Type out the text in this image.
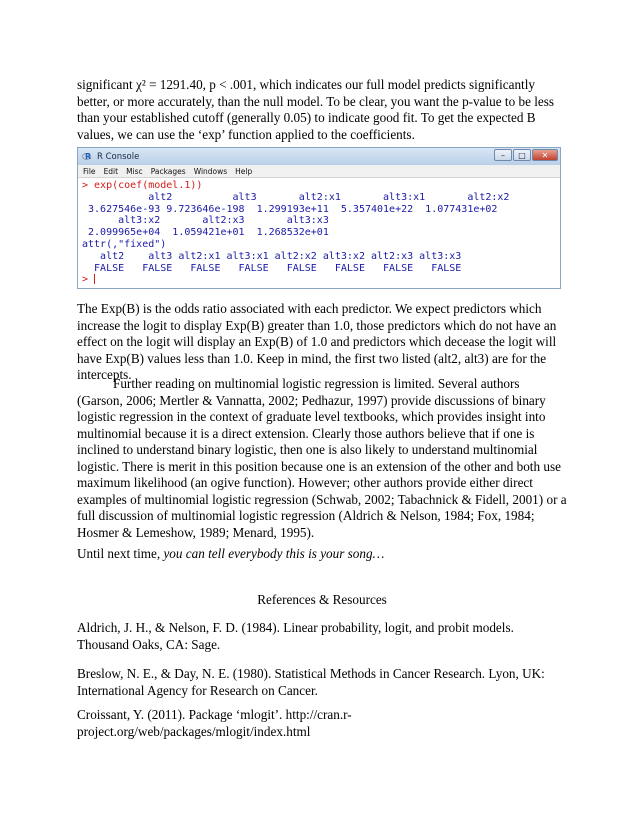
significant χ² = 1291.40, p < .001, which indicates our full model predicts significantly better, or more accurately, than the null model. To be clear, you want the p-value to be less than your established cutoff (generally 0.05) to indicate good fit. To get the expected B values, we can use the ‘exp’ function applied to the coefficients.

R R Console	–	□	✕
File Edit Misc Packages Windows Help
> exp(coef(model.1))
alt2          alt3       alt2:x1       alt3:x1       alt2:x2
3.627546e-93 9.723646e-198  1.299193e+11  5.357401e+22  1.077431e+02
alt3:x2       alt2:x3       alt3:x3
2.099965e+04  1.059421e+01  1.268532e+01
attr(,"fixed")
alt2    alt3 alt2:x1 alt3:x1 alt2:x2 alt3:x2 alt2:x3 alt3:x3
FALSE   FALSE   FALSE   FALSE   FALSE   FALSE   FALSE   FALSE
>

The Exp(B) is the odds ratio associated with each predictor. We expect predictors which increase the logit to display Exp(B) greater than 1.0, those predictors which do not have an effect on the logit will display an Exp(B) of 1.0 and predictors which decease the logit will have Exp(B) values less than 1.0. Keep in mind, the first two listed (alt2, alt3) are for the intercepts.

Further reading on multinomial logistic regression is limited. Several authors (Garson, 2006; Mertler & Vannatta, 2002; Pedhazur, 1997) provide discussions of binary logistic regression in the context of graduate level textbooks, which provides insight into multinomial because it is a direct extension. Clearly those authors believe that if one is inclined to understand binary logistic, then one is also likely to understand multinomial logistic. There is merit in this position because one is an extension of the other and both use maximum likelihood (an ogive function). However; other authors provide either direct examples of multinomial logistic regression (Schwab, 2002; Tabachnick & Fidell, 2001) or a full discussion of multinomial logistic regression (Aldrich & Nelson, 1984; Fox, 1984; Hosmer & Lemeshow, 1989; Menard, 1995).

Until next time, you can tell everybody this is your song…

References & Resources

Aldrich, J. H., & Nelson, F. D. (1984). Linear probability, logit, and probit models. Thousand Oaks, CA: Sage.

Breslow, N. E., & Day, N. E. (1980). Statistical Methods in Cancer Research. Lyon, UK: International Agency for Research on Cancer.

Croissant, Y. (2011). Package ‘mlogit’. http://cran.r-project.org/web/packages/mlogit/index.html
